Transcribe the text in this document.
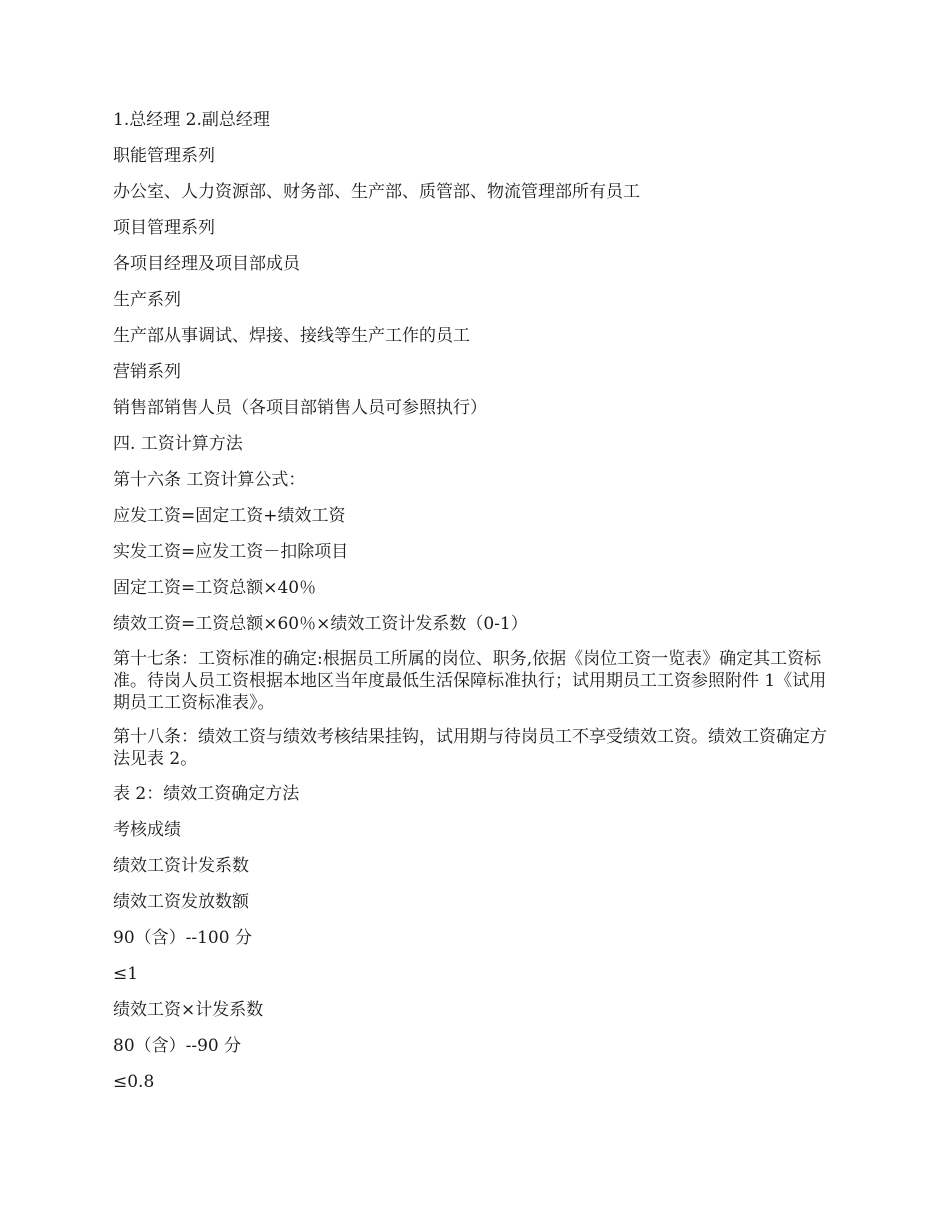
1.总经理 2.副总经理

职能管理系列

办公室、人力资源部、财务部、生产部、质管部、物流管理部所有员工

项目管理系列

各项目经理及项目部成员

生产系列

生产部从事调试、焊接、接线等生产工作的员工

营销系列

销售部销售人员（各项目部销售人员可参照执行）

四. 工资计算方法

第十六条 工资计算公式：

应发工资=固定工资+绩效工资

实发工资=应发工资－扣除项目

固定工资=工资总额×40％

绩效工资=工资总额×60％×绩效工资计发系数（0-1）

第十七条：工资标准的确定:根据员工所属的岗位、职务,依据《岗位工资一览表》确定其工资标准。待岗人员工资根据本地区当年度最低生活保障标准执行；试用期员工工资参照附件 1《试用期员工工资标准表》。

第十八条：绩效工资与绩效考核结果挂钩，试用期与待岗员工不享受绩效工资。绩效工资确定方法见表 2。

表 2：绩效工资确定方法

考核成绩

绩效工资计发系数

绩效工资发放数额

90（含）--100 分

≤1

绩效工资×计发系数

80（含）--90 分

≤0.8
